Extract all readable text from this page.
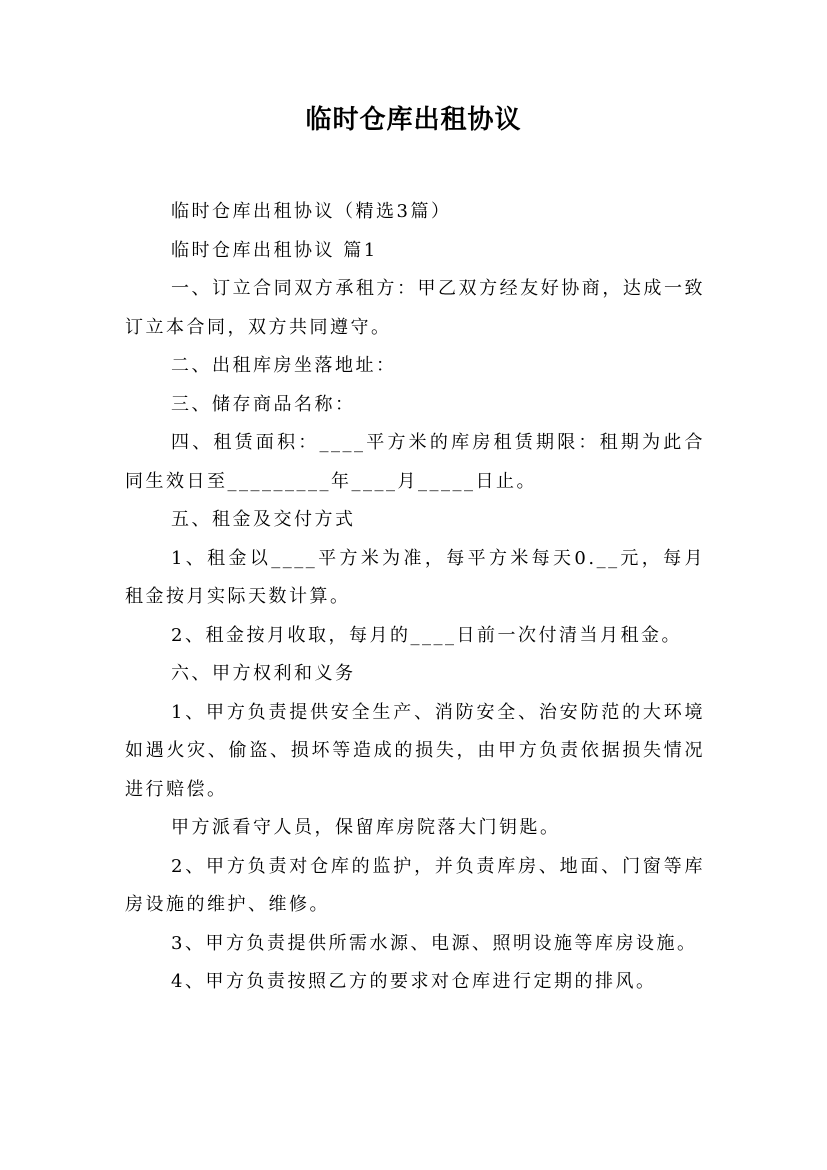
临时仓库出租协议

临时仓库出租协议（精选3篇）

临时仓库出租协议 篇1

一、订立合同双方承租方：甲乙双方经友好协商，达成一致订立本合同，双方共同遵守。

二、出租库房坐落地址：

三、储存商品名称：

四、租赁面积：____平方米的库房租赁期限：租期为此合同生效日至_________年____月_____日止。

五、租金及交付方式

1、租金以____平方米为准，每平方米每天0.__元，每月租金按月实际天数计算。

2、租金按月收取，每月的____日前一次付清当月租金。

六、甲方权利和义务

1、甲方负责提供安全生产、消防安全、治安防范的大环境如遇火灾、偷盗、损坏等造成的损失，由甲方负责依据损失情况进行赔偿。

甲方派看守人员，保留库房院落大门钥匙。

2、甲方负责对仓库的监护，并负责库房、地面、门窗等库房设施的维护、维修。

3、甲方负责提供所需水源、电源、照明设施等库房设施。

4、甲方负责按照乙方的要求对仓库进行定期的排风。
